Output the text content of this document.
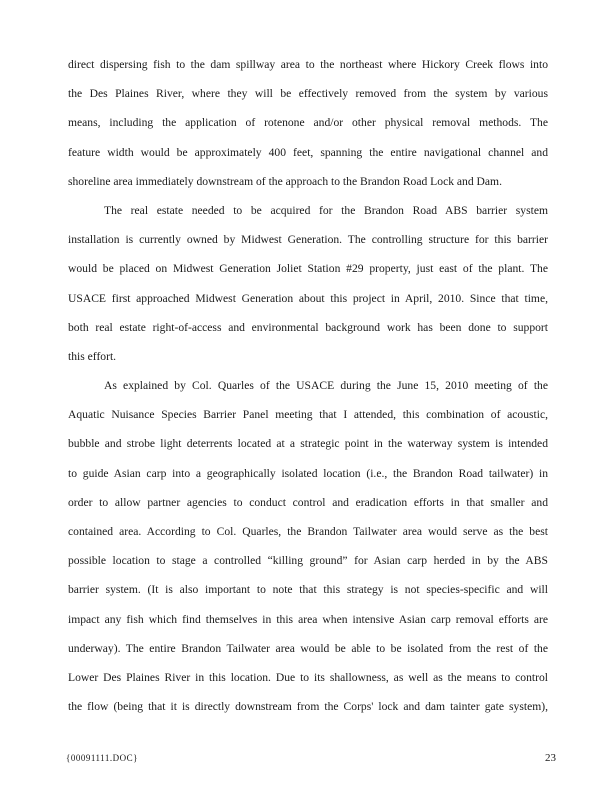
direct dispersing fish to the dam spillway area to the northeast where Hickory Creek flows into
the Des Plaines River, where they will be effectively removed from the system by various
means, including the application of rotenone and/or other physical removal methods. The
feature width would be approximately 400 feet, spanning the entire navigational channel and
shoreline area immediately downstream of the approach to the Brandon Road Lock and Dam.
The real estate needed to be acquired for the Brandon Road ABS barrier system
installation is currently owned by Midwest Generation. The controlling structure for this barrier
would be placed on Midwest Generation Joliet Station #29 property, just east of the plant. The
USACE first approached Midwest Generation about this project in April, 2010. Since that time,
both real estate right-of-access and environmental background work has been done to support
this effort.
As explained by Col. Quarles of the USACE during the June 15, 2010 meeting of the
Aquatic Nuisance Species Barrier Panel meeting that I attended, this combination of acoustic,
bubble and strobe light deterrents located at a strategic point in the waterway system is intended
to guide Asian carp into a geographically isolated location (i.e., the Brandon Road tailwater) in
order to allow partner agencies to conduct control and eradication efforts in that smaller and
contained area. According to Col. Quarles, the Brandon Tailwater area would serve as the best
possible location to stage a controlled “killing ground” for Asian carp herded in by the ABS
barrier system. (It is also important to note that this strategy is not species-specific and will
impact any fish which find themselves in this area when intensive Asian carp removal efforts are
underway). The entire Brandon Tailwater area would be able to be isolated from the rest of the
Lower Des Plaines River in this location. Due to its shallowness, as well as the means to control
the flow (being that it is directly downstream from the Corps' lock and dam tainter gate system),
{00091111.DOC}	23
